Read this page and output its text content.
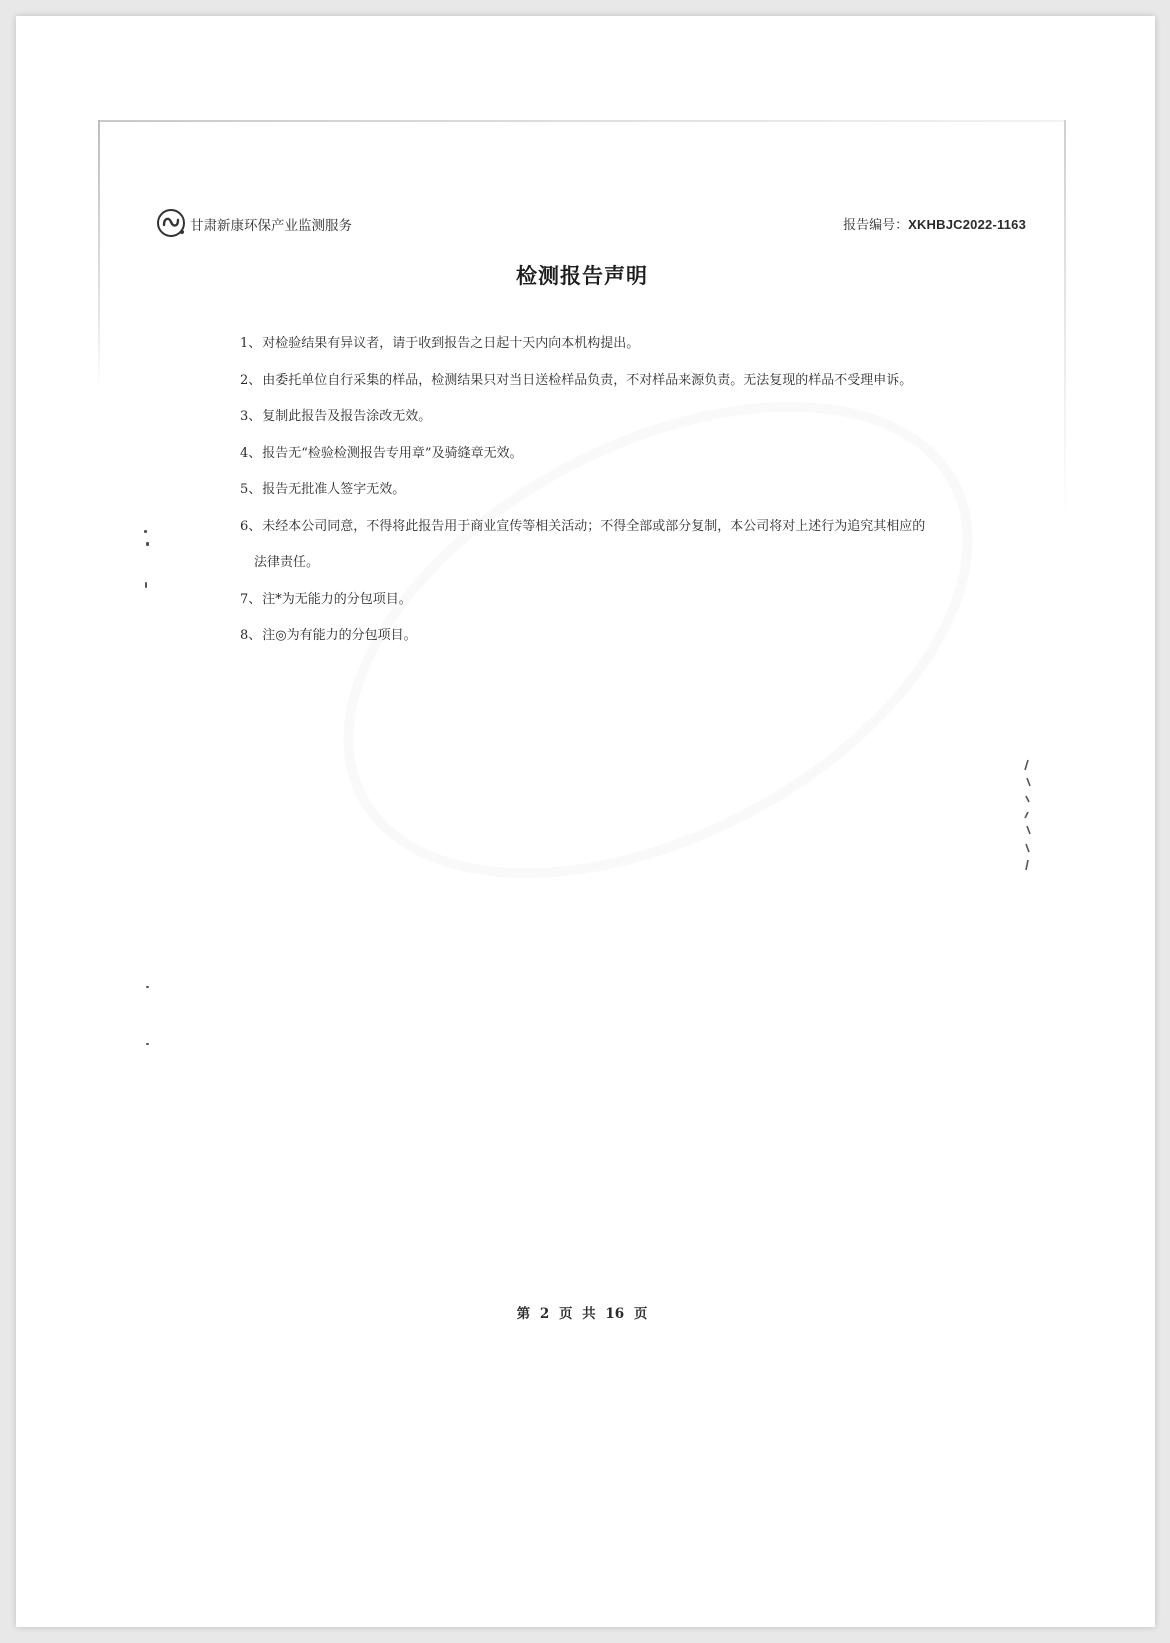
甘肃新康环保产业监测服务	报告编号：XKHBJC2022-1163
检测报告声明
1、对检验结果有异议者，请于收到报告之日起十天内向本机构提出。
2、由委托单位自行采集的样品，检测结果只对当日送检样品负责，不对样品来源负责。无法复现的样品不受理申诉。
3、复制此报告及报告涂改无效。
4、报告无“检验检测报告专用章”及骑缝章无效。
5、报告无批准人签字无效。
6、未经本公司同意，不得将此报告用于商业宣传等相关活动；不得全部或部分复制，本公司将对上述行为追究其相应的
法律责任。
7、注*为无能力的分包项目。
8、注◎为有能力的分包项目。
第 2 页 共 16 页
